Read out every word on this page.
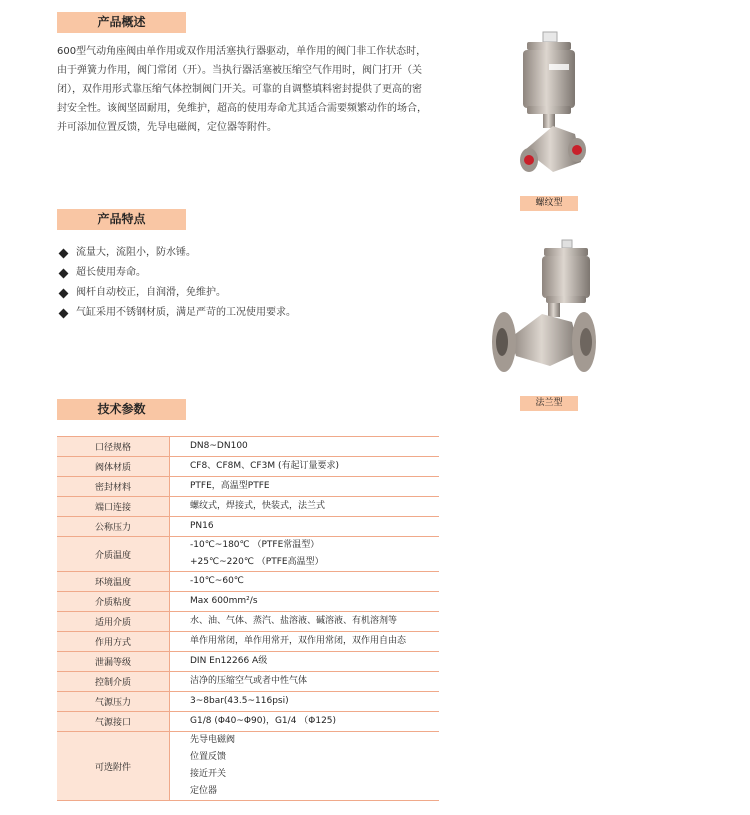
产品概述
600型气动角座阀由单作用或双作用活塞执行器驱动，单作用的阀门非工作状态时，由于弹簧力作用，阀门常闭（开）。当执行器活塞被压缩空气作用时，阀门打开（关闭），双作用形式靠压缩气体控制阀门开关。可靠的自调整填料密封提供了更高的密封安全性。该阀坚固耐用，免维护，超高的使用寿命尤其适合需要频繁动作的场合，并可添加位置反馈，先导电磁阀，定位器等附件。
产品特点
流量大，流阻小，防水锤。
超长使用寿命。
阀杆自动校正，自润滑，免维护。
气缸采用不锈钢材质，满足严苛的工况使用要求。
螺纹型
法兰型
技术参数
口径规格	DN8~DN100

阀体材质	CF8、CF8M、CF3M (有起订量要求)

密封材料	PTFE，高温型PTFE

端口连接	螺纹式，焊接式，快装式，法兰式

公称压力	PN16

介质温度	-10℃~180℃ （PTFE常温型）
+25℃~220℃ （PTFE高温型）

环境温度	-10℃~60℃

介质粘度	Max 600mm²/s

适用介质	水、油、气体、蒸汽、盐溶液、碱溶液、有机溶剂等

作用方式	单作用常闭，单作用常开，双作用常闭，双作用自由态

泄漏等级	DIN En12266 A级

控制介质	洁净的压缩空气或者中性气体

气源压力	3~8bar(43.5~116psi)

气源接口	G1/8 (Φ40~Φ90)，G1/4 （Φ125)

可选附件	先导电磁阀
位置反馈
接近开关
定位器
